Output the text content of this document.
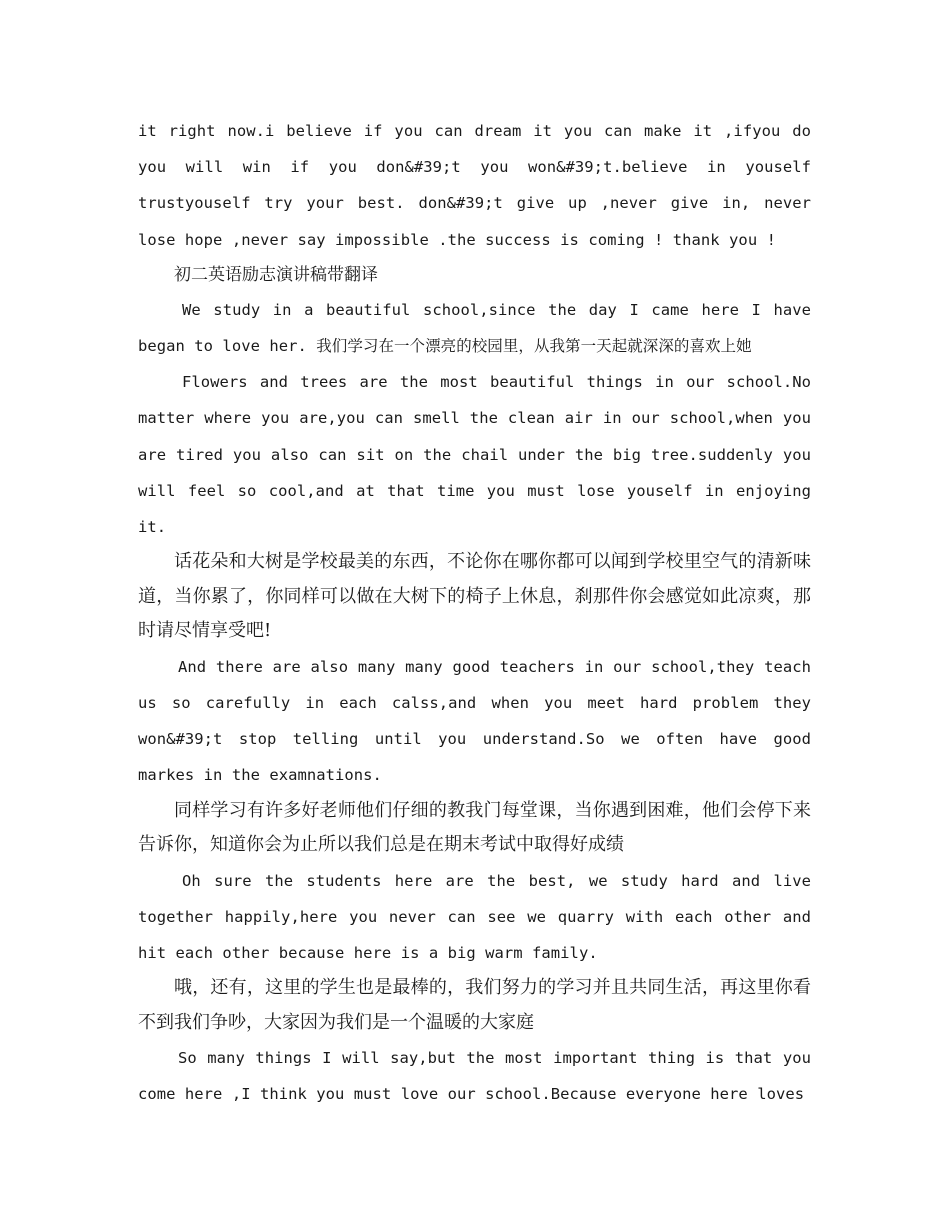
it right now.i believe if you can dream it you can make it ,ifyou do you will win if you don&#39;t you won&#39;t.believe in youself trustyouself try your best. don&#39;t give up ,never give in, never lose hope ,never say impossible .the success is coming ! thank you !

初二英语励志演讲稿带翻译

We study in a beautiful school,since the day I came here I have began to love her. 我们学习在一个漂亮的校园里，从我第一天起就深深的喜欢上她

Flowers and trees are the most beautiful things in our school.No matter where you are,you can smell the clean air in our school,when you are tired you also can sit on the chail under the big tree.suddenly you will feel so cool,and at that time you must lose youself in enjoying it.

话花朵和大树是学校最美的东西，不论你在哪你都可以闻到学校里空气的清新味道，当你累了，你同样可以做在大树下的椅子上休息，刹那件你会感觉如此凉爽，那时请尽情享受吧!

And there are also many many good teachers in our school,they teach us so carefully in each calss,and when you meet hard problem they won&#39;t stop telling until you understand.So we often have good markes in the examnations.

同样学习有许多好老师他们仔细的教我门每堂课，当你遇到困难，他们会停下来告诉你，知道你会为止所以我们总是在期末考试中取得好成绩

Oh sure the students here are the best, we study hard and live together happily,here you never can see we quarry with each other and hit each other because here is a big warm family.

哦，还有，这里的学生也是最棒的，我们努力的学习并且共同生活，再这里你看不到我们争吵，大家因为我们是一个温暖的大家庭

So many things I will say,but the most important thing is that you come here ,I think you must love our school.Because everyone here loves
